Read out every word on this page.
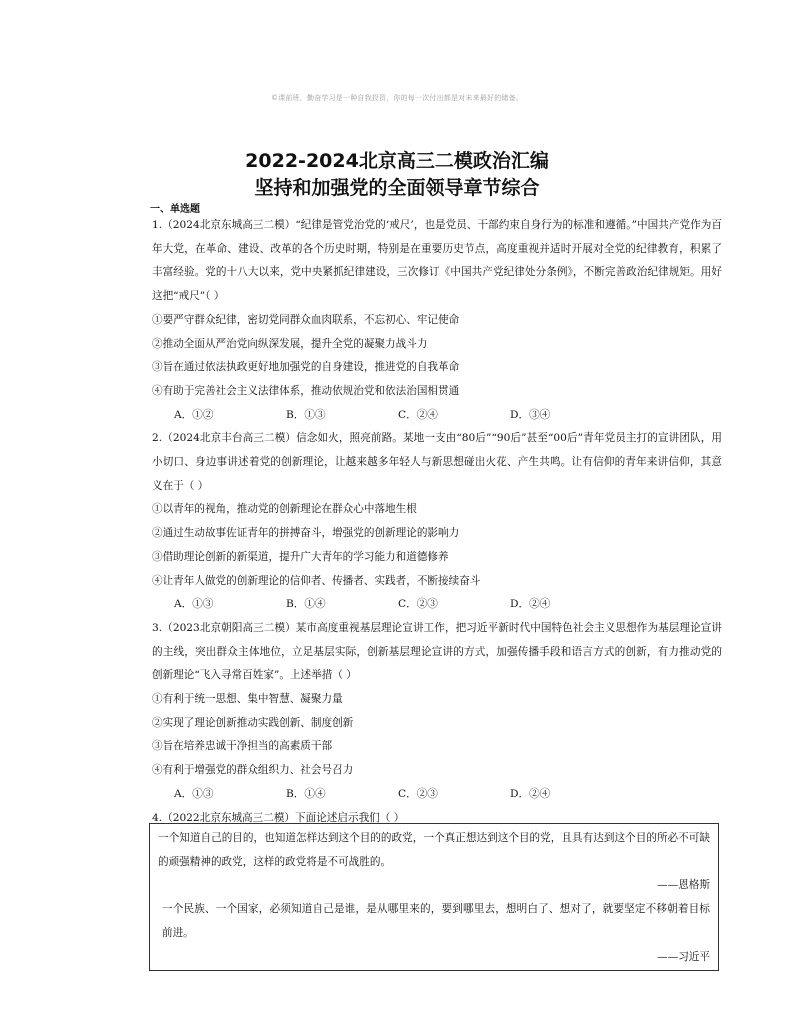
©课前班，勤奋学习是一种自我投资，你的每一次付出都是对未来最好的储备。
2022-2024北京高三二模政治汇编
坚持和加强党的全面领导章节综合
一、单选题

1.（2024北京东城高三二模）“纪律是管党治党的‘戒尺’，也是党员、干部约束自身行为的标准和遵循。”中国共产党作为百年大党，在革命、建设、改革的各个历史时期，特别是在重要历史节点，高度重视并适时开展对全党的纪律教育，积累了丰富经验。党的十八大以来，党中央紧抓纪律建设，三次修订《中国共产党纪律处分条例》，不断完善政治纪律规矩。用好这把“戒尺”（ ）

①要严守群众纪律，密切党同群众血肉联系，不忘初心、牢记使命

②推动全面从严治党向纵深发展，提升全党的凝聚力战斗力

③旨在通过依法执政更好地加强党的自身建设，推进党的自我革命

④有助于完善社会主义法律体系，推动依规治党和依法治国相贯通

A．①②	B．①③	C．②④	D．③④

2.（2024北京丰台高三二模）信念如火，照亮前路。某地一支由“80后”“90后”甚至“00后”青年党员主打的宣讲团队，用小切口、身边事讲述着党的创新理论，让越来越多年轻人与新思想碰出火花、产生共鸣。让有信仰的青年来讲信仰，其意义在于（ ）

①以青年的视角，推动党的创新理论在群众心中落地生根

②通过生动故事佐证青年的拼搏奋斗，增强党的创新理论的影响力

③借助理论创新的新渠道，提升广大青年的学习能力和道德修养

④让青年人做党的创新理论的信仰者、传播者、实践者，不断接续奋斗

A．①③	B．①④	C．②③	D．②④

3.（2023北京朝阳高三二模）某市高度重视基层理论宣讲工作，把习近平新时代中国特色社会主义思想作为基层理论宣讲的主线，突出群众主体地位，立足基层实际，创新基层理论宣讲的方式，加强传播手段和语言方式的创新，有力推动党的创新理论“飞入寻常百姓家”。上述举措（ ）

①有利于统一思想、集中智慧、凝聚力量

②实现了理论创新推动实践创新、制度创新

③旨在培养忠诚干净担当的高素质干部

④有利于增强党的群众组织力、社会号召力

A．①③	B．①④	C．②③	D．②④

4.（2022北京东城高三二模）下面论述启示我们（ ）

一个知道自己的目的，也知道怎样达到这个目的的政党，一个真正想达到这个目的党，且具有达到这个目的所必不可缺的顽强精神的政党，这样的政党将是不可战胜的。

——恩格斯

一个民族、一个国家，必须知道自己是谁，是从哪里来的，要到哪里去，想明白了、想对了，就要坚定不移朝着目标前进。

——习近平
